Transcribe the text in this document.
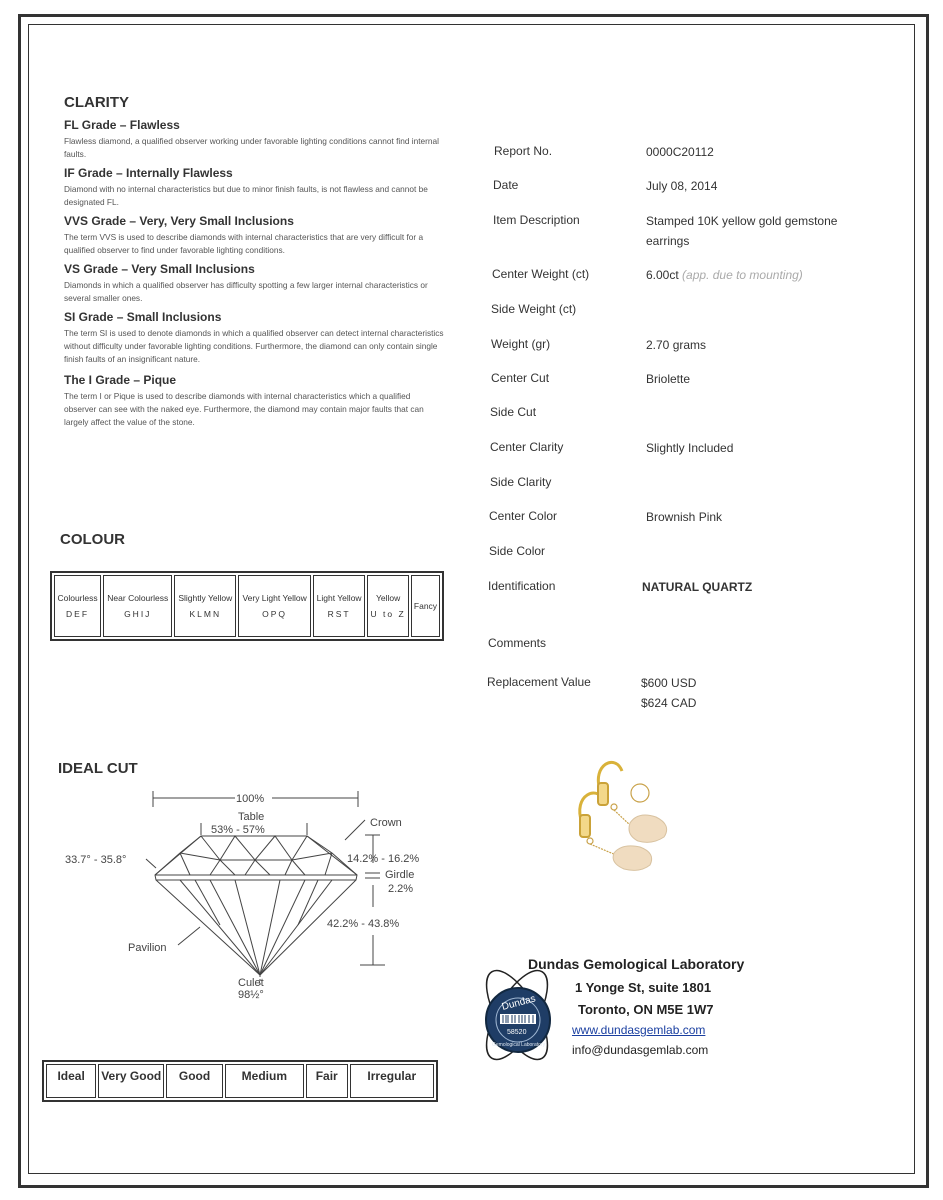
CLARITY
FL Grade – Flawless

Flawless diamond, a qualified observer working under favorable lighting conditions cannot find internal faults.

IF Grade – Internally Flawless

Diamond with no internal characteristics but due to minor finish faults, is not flawless and cannot be designated FL.

VVS Grade – Very, Very Small Inclusions

The term VVS is used to describe diamonds with internal characteristics that are very difficult for a qualified observer to find under favorable lighting conditions.

VS Grade – Very Small Inclusions

Diamonds in which a qualified observer has difficulty spotting a few larger internal characteristics or several smaller ones.

SI Grade – Small Inclusions

The term SI is used to denote diamonds in which a qualified observer can detect internal characteristics without difficulty under favorable lighting conditions. Furthermore, the diamond can only contain single finish faults of an insignificant nature.

The I Grade – Pique

The term I or Pique is used to describe diamonds with internal characteristics which a qualified observer can see with the naked eye. Furthermore, the diamond may contain major faults that can largely affect the value of the stone.

COLOUR
Colourless
DEF
	Near Colourless
GHIJ
	Slightly Yellow
KLMN
	Very Light Yellow
OPQ
	Light Yellow
RST
	Yellow
U to Z
	Fancy
IDEAL CUT
100%
Table
53% - 57%
Crown
33.7° - 35.8°	14.2% - 16.2%
Girdle
2.2%
42.2% - 43.8%
Pavilion
Culet
98½°
Ideal	Very Good	Good	Medium	Fair	Irregular
Report No.	0000C20112
Date	July 08, 2014
Item Description	Stamped 10K yellow gold gemstone earrings
Center Weight (ct)	6.00ct (app. due to mounting)
Side Weight (ct)
Weight (gr)	2.70 grams
Center Cut	Briolette
Side Cut
Center Clarity	Slightly Included
Side Clarity
Center Color	Brownish Pink
Side Color
Identification	NATURAL QUARTZ
Comments
Replacement Value	$600 USD
$624 CAD
Dundas
58520
Gemological Laboratory
Dundas Gemological Laboratory
1 Yonge St, suite 1801
Toronto, ON M5E 1W7
www.dundasgemlab.com
info@dundasgemlab.com
